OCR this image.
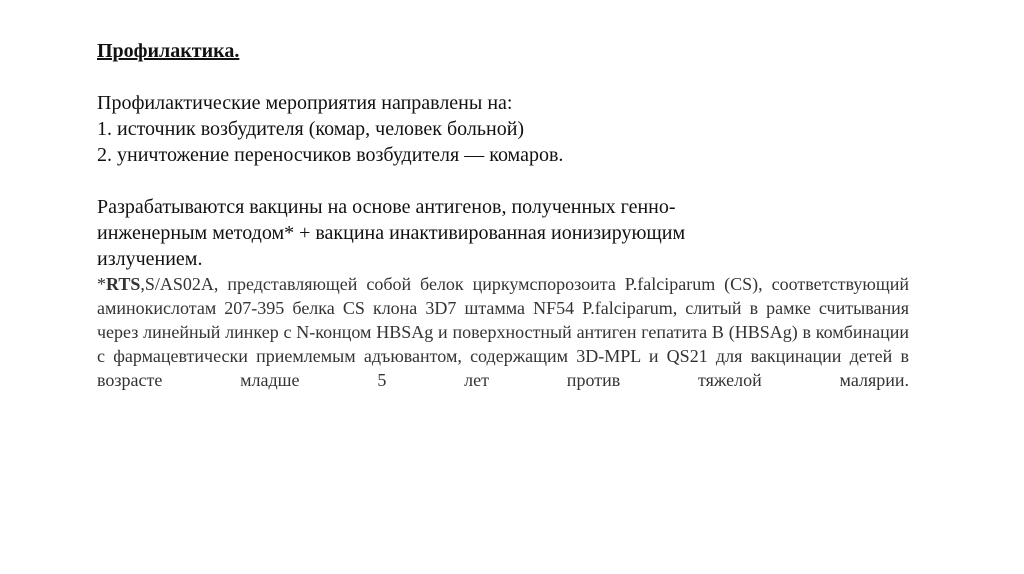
Профилактика.

Профилактические мероприятия направлены на:

1. источник возбудителя (комар, человек больной)

2. уничтожение переносчиков возбудителя — комаров.

Разрабатываются вакцины на основе антигенов, полученных генно-

инженерным методом* + вакцина инактивированная ионизирующим

излучением.

*RTS,S/AS02A, представляющей собой белок циркумспорозоита P.falciparum (CS), соответствующий аминокислотам 207-395 белка CS клона 3D7 штамма NF54 P.falciparum, слитый в рамке считывания через линейный линкер с N-концом HBSAg и поверхностный антиген гепатита В (HBSAg) в комбинации с фармацевтически приемлемым адъювантом, содержащим 3D-MPL и QS21 для вакцинации детей в возрасте младше 5 лет против тяжелой малярии.
